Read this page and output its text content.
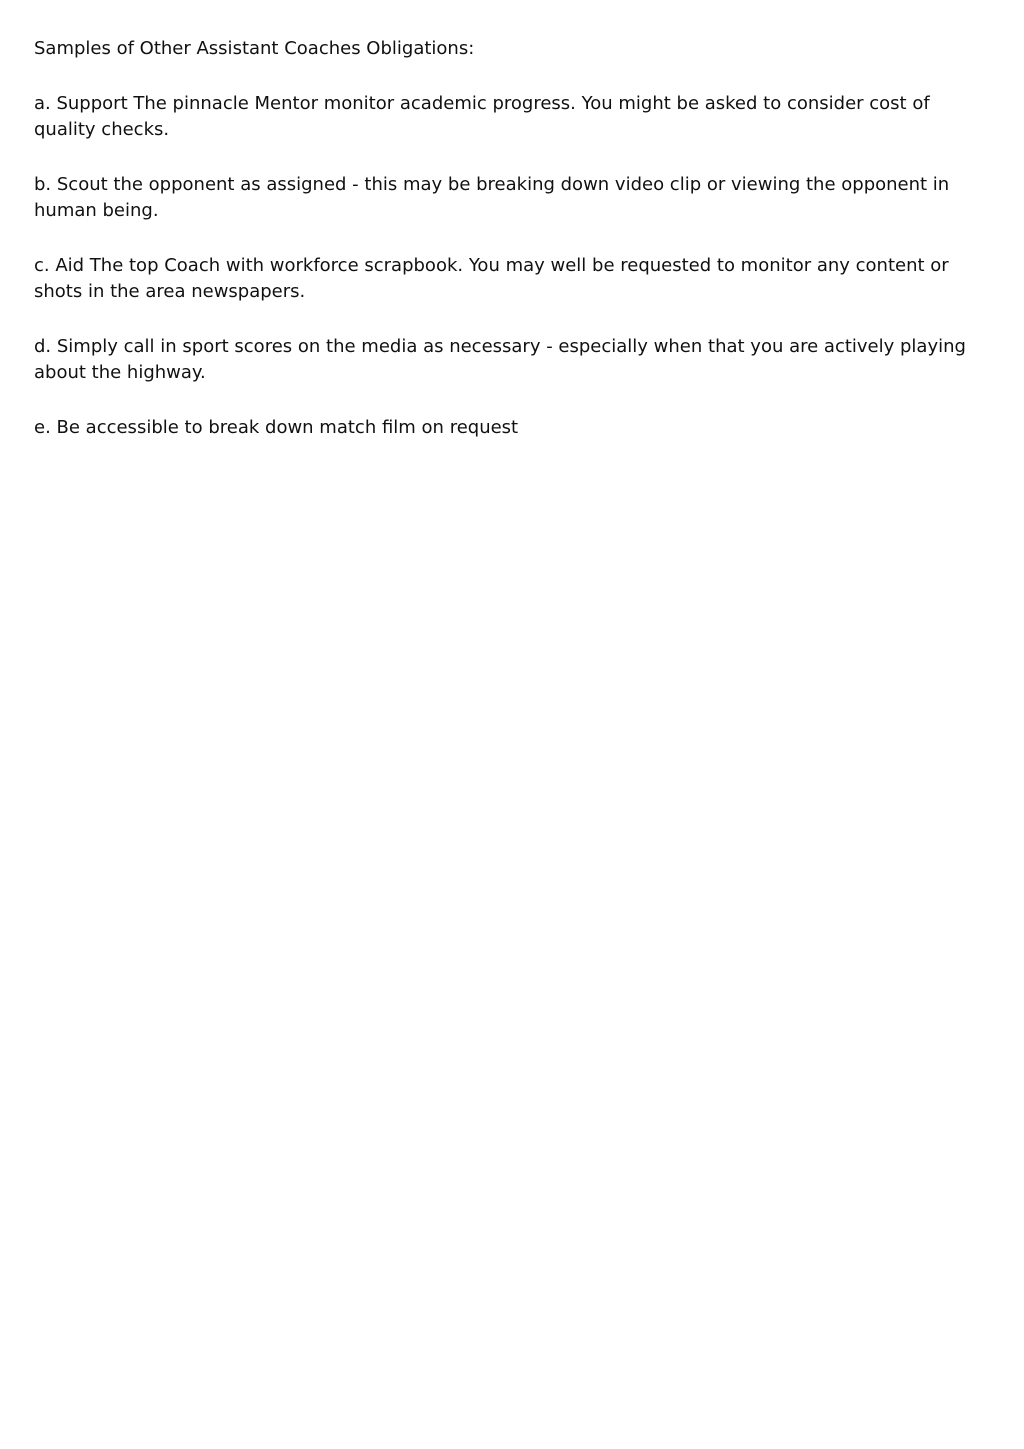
Samples of Other Assistant Coaches Obligations:

a. Support The pinnacle Mentor monitor academic progress. You might be asked to consider cost of quality checks.

b. Scout the opponent as assigned - this may be breaking down video clip or viewing the opponent in human being.

c. Aid The top Coach with workforce scrapbook. You may well be requested to monitor any content or shots in the area newspapers.

d. Simply call in sport scores on the media as necessary - especially when that you are actively playing about the highway.

e. Be accessible to break down match film on request
